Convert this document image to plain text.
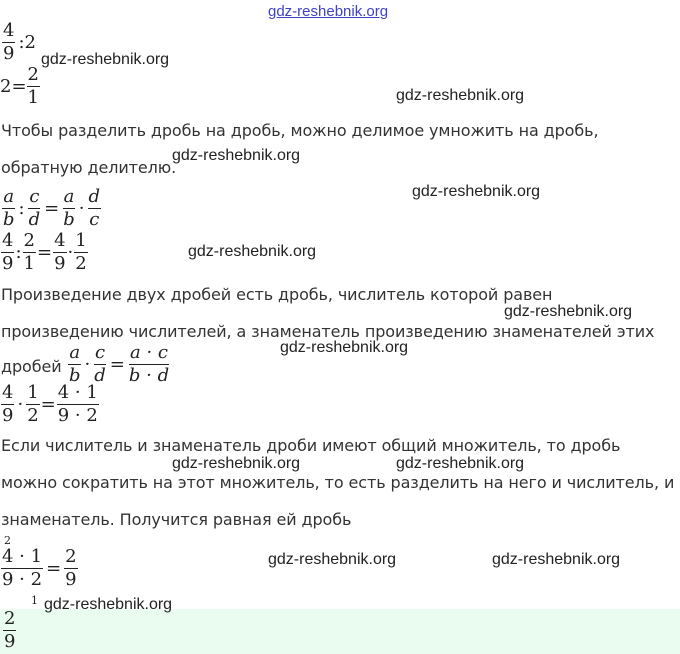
gdz-reshebnik.org
$\frac{4}{9}$ :2
gdz-reshebnik.org
$2= \frac{2}{1}$	gdz-reshebnik.org
Чтобы разделить дробь на дробь, можно делимое умножить на дробь,
обратную делителю.
gdz-reshebnik.org
gdz-reshebnik.org
$\frac{a}{b}$ : $\frac{c}{d} = \frac{a}{b} \cdot \frac{d}{c}$
$\frac{4}{9}$ : $\frac{2}{1} = \frac{4}{9} \cdot \frac{1}{2}$	gdz-reshebnik.org
Произведение двух дробей есть дробь, числитель которой равен
gdz-reshebnik.org
произведению числителей, а знаменатель произведению знаменателей этих
gdz-reshebnik.org
дробей $\frac{a}{b} \cdot \frac{c}{d} = \frac{a \cdot c}{b \cdot d}$
$\frac{4}{9} \cdot \frac{1}{2} = \frac{4 \cdot 1}{9 \cdot 2}$
Если числитель и знаменатель дроби имеют общий множитель, то дробь
gdz-reshebnik.org	gdz-reshebnik.org
можно сократить на этот множитель, то есть разделить на него и числитель, и
знаменатель. Получится равная ей дробь
2
$\frac{4 \cdot 1}{9 \cdot 2} = \frac{2}{9}$
1
gdz-reshebnik.org	gdz-reshebnik.org
$\frac{2}{9}$
gdz-reshebnik.org
